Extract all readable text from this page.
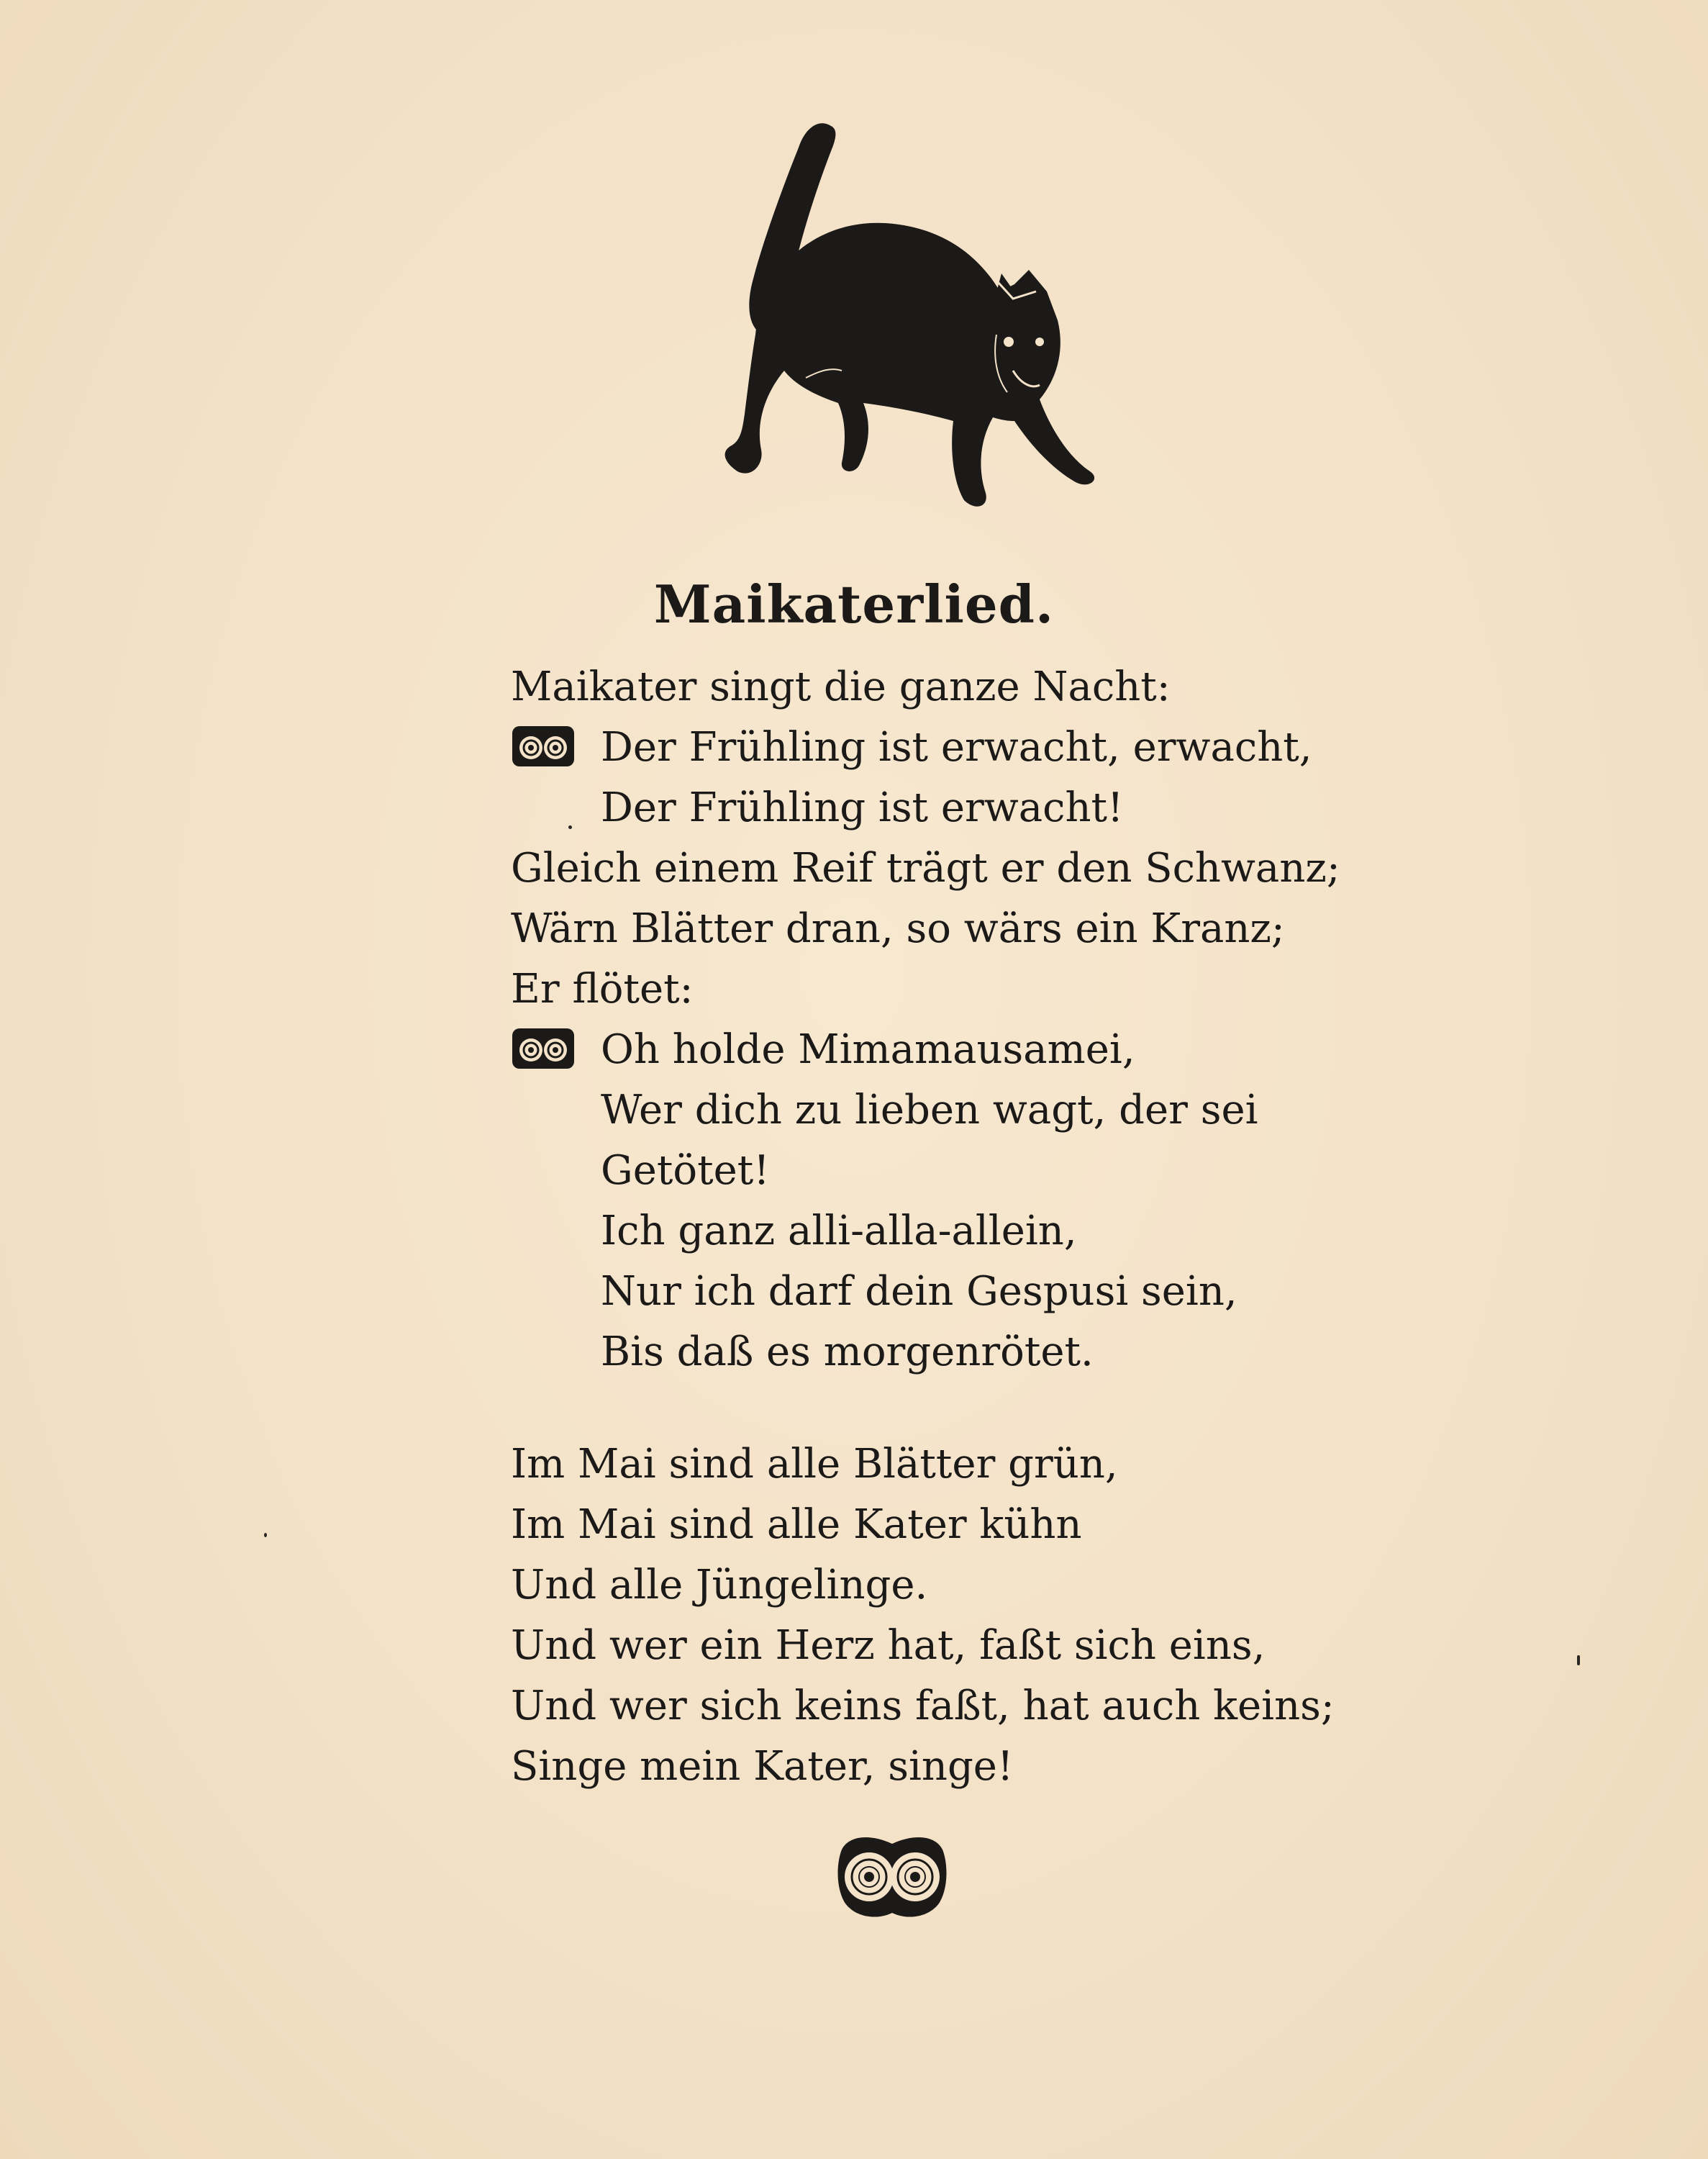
Maikaterlied.
Maikater singt die ganze Nacht:
Der Frühling ist erwacht, erwacht,
Der Frühling ist erwacht!
Gleich einem Reif trägt er den Schwanz;
Wärn Blätter dran, so wärs ein Kranz;
Er flötet:
Oh holde Mimamausamei,
Wer dich zu lieben wagt, der sei
Getötet!
Ich ganz alli-alla-allein,
Nur ich darf dein Gespusi sein,
Bis daß es morgenrötet.
Im Mai sind alle Blätter grün,
Im Mai sind alle Kater kühn
Und alle Jüngelinge.
Und wer ein Herz hat, faßt sich eins,
Und wer sich keins faßt, hat auch keins;
Singe mein Kater, singe!
